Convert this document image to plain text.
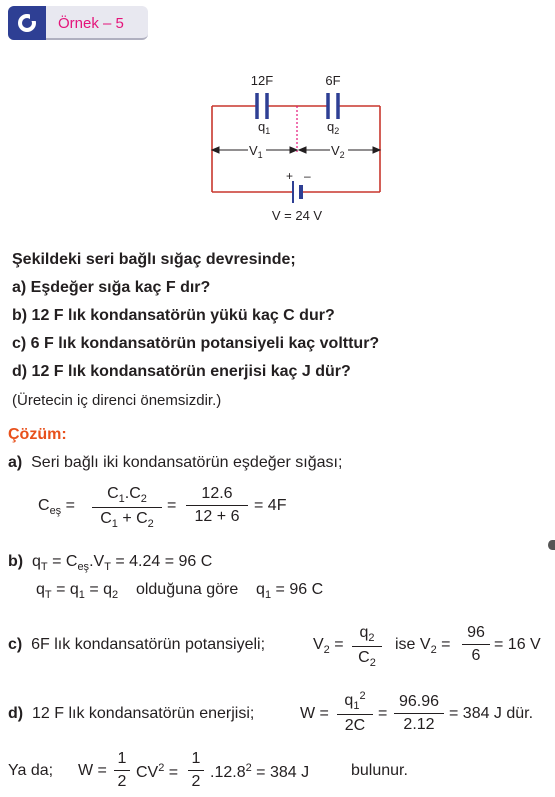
Örnek – 5
12F	6F
$q_1$	$q_2$
$V_1$	$V_2$
+ –
V = 24 V
Şekildeki seri bağlı sığaç devresinde;
a) Eşdeğer sığa kaç F dır?
b) 12 F lık kondansatörün yükü kaç C dur?
c) 6 F lık kondansatörün potansiyeli kaç volttur?
d) 12 F lık kondansatörün enerjisi kaç J dür?
(Üretecin iç direnci önemsizdir.)
Çözüm:
a) Seri bağlı iki kondansatörün eşdeğer sığası;
$C_{eş} = \frac{C_1.C_2}{C_1 + C_2} = \frac{12.6}{12 + 6} = 4F$
b)  $q_T = C_{eş}.V_T = 4.24 = 96$ C
$q_T = q_1 = q_2$ olduğuna göre    $q_1 = 96$ C
c) 6F lık kondansatörün potansiyeli;	$V_2 = \frac{q_2}{C_2}$ ise $V_2 = \frac{96}{6} = 16$ V
d) 12 F lık kondansatörün enerjisi;	$W = \frac{q_1^2}{2C} = \frac{96.96}{2.12} = 384$ J dür.
Ya da; $W = \frac{1}{2} CV^2 = \frac{1}{2} .12.8^2 = 384$ J	bulunur.
